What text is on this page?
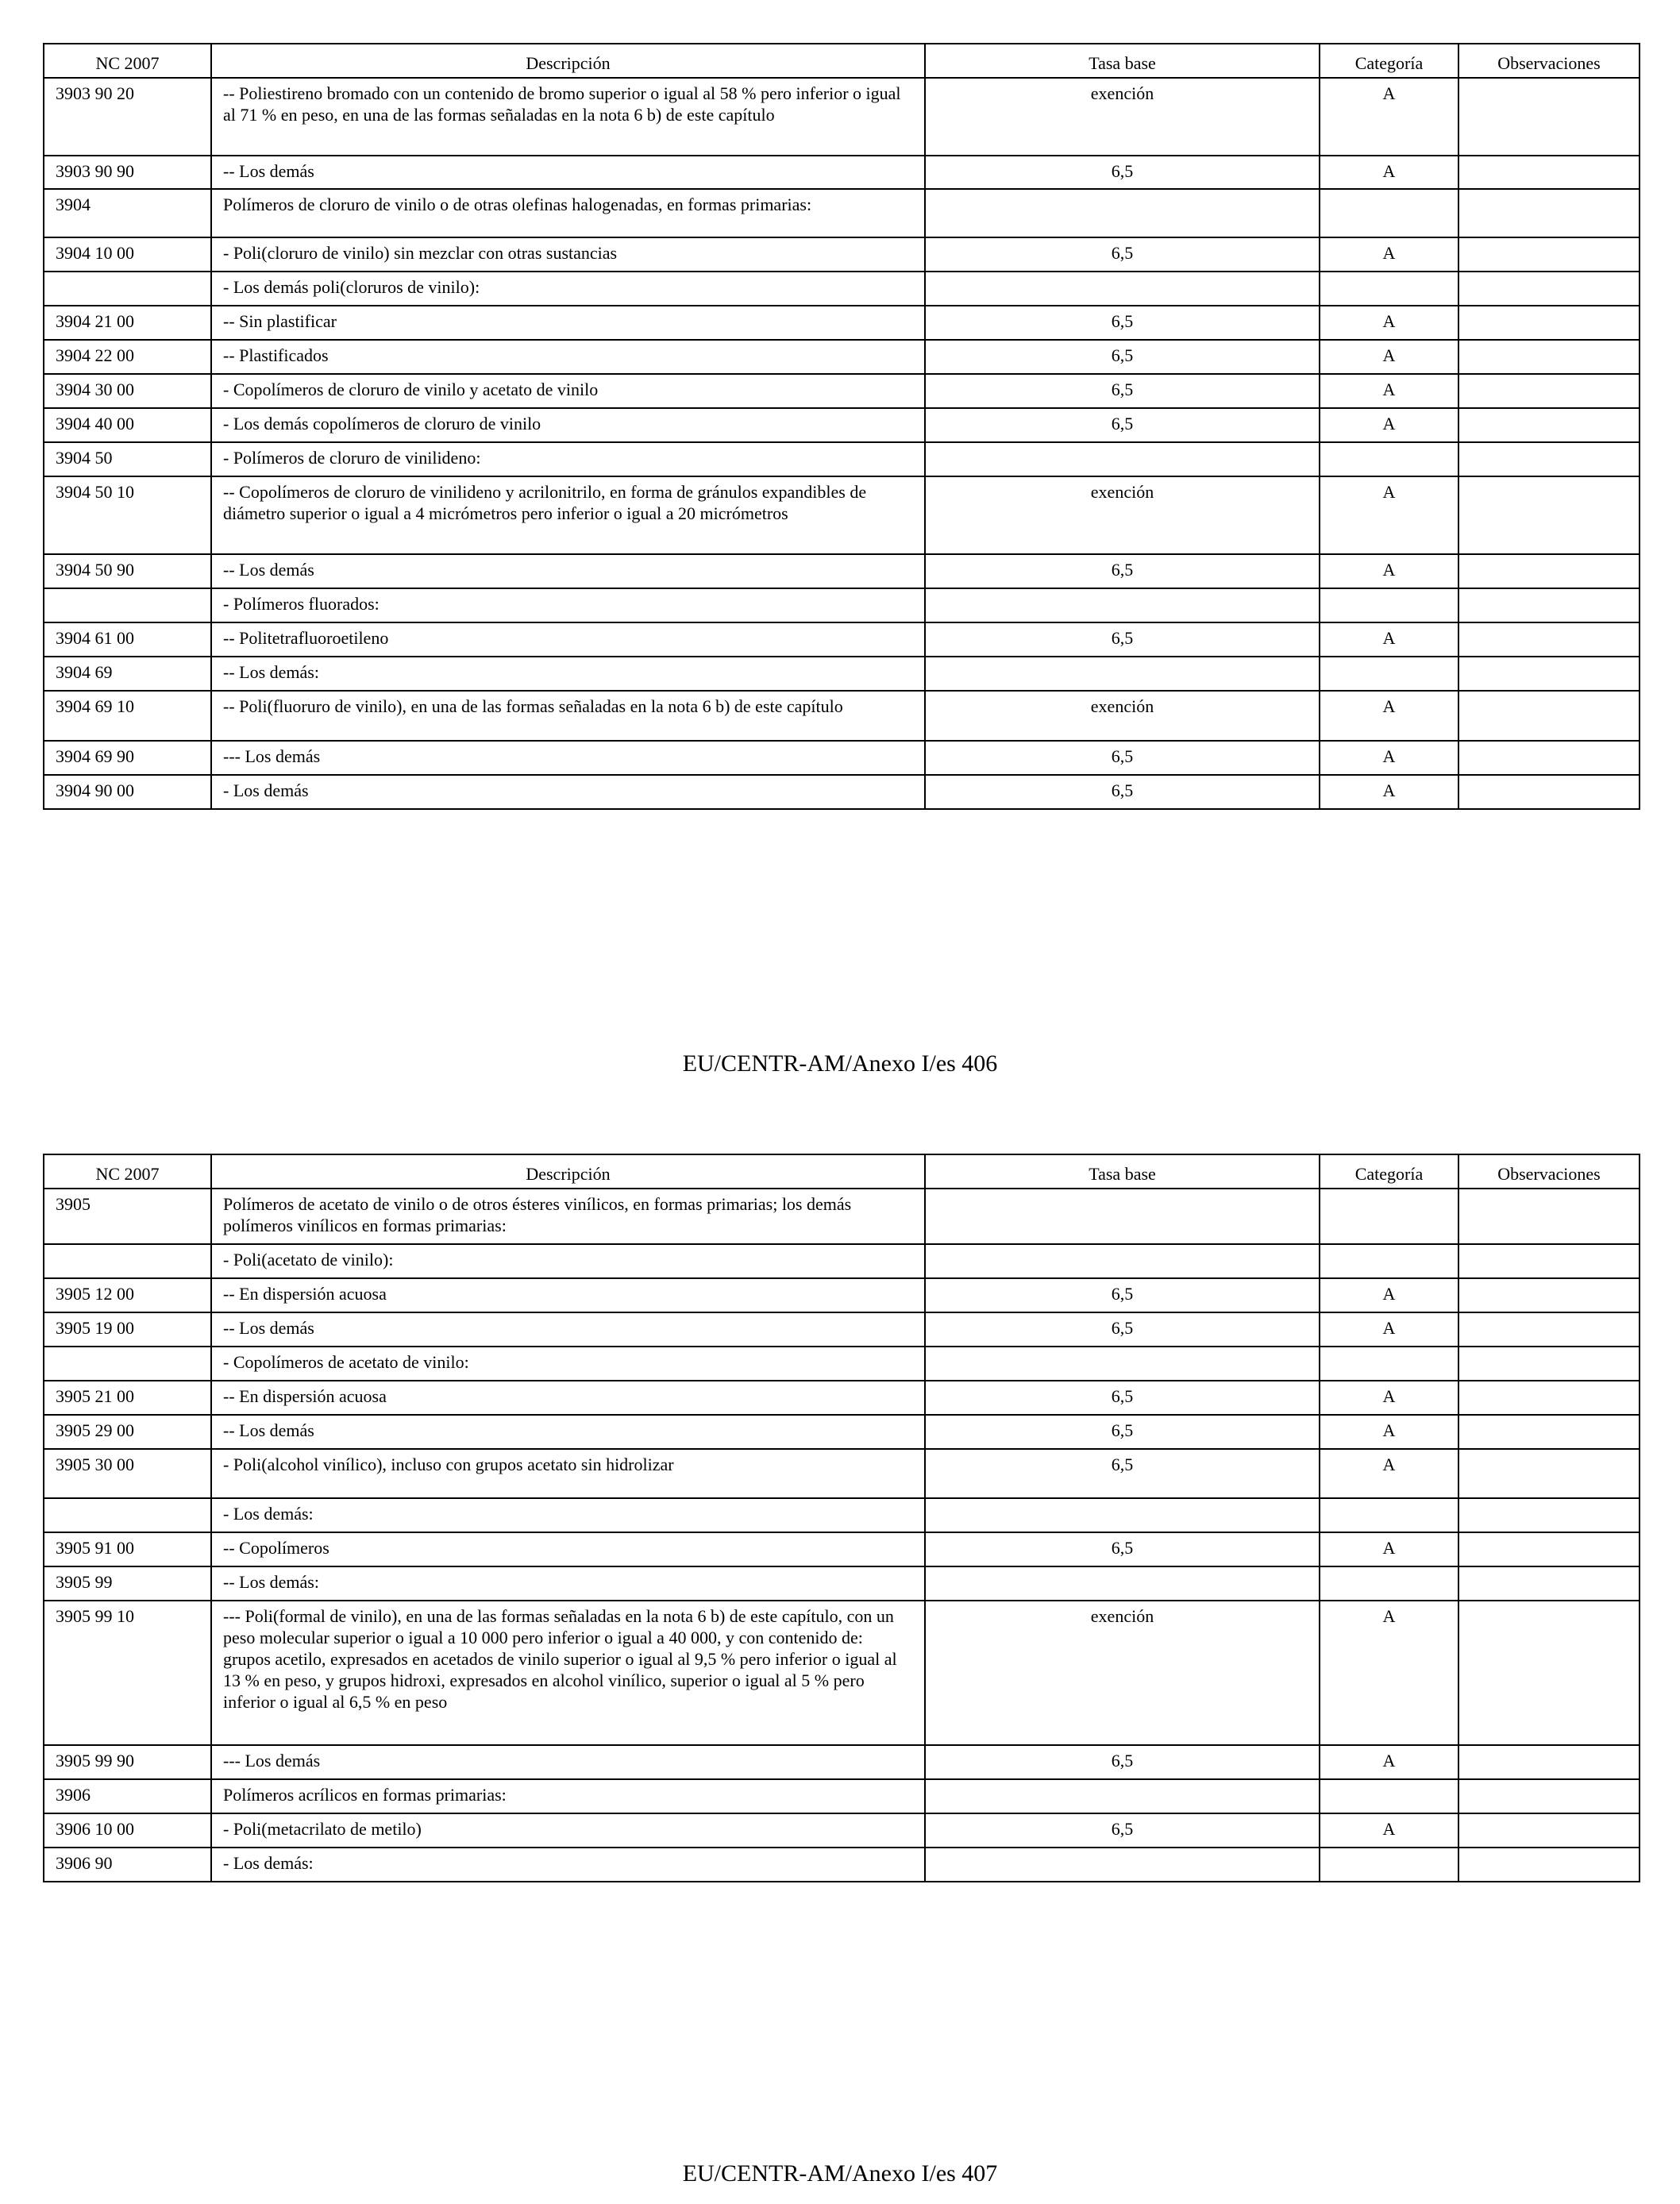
NC 2007	Descripción	Tasa base	Categoría	Observaciones
3903 90 20	-- Poliestireno bromado con un contenido de bromo superior o igual al 58 % pero inferior o igual al 71 % en peso, en una de las formas señaladas en la nota 6 b) de este capítulo	exención	A	
3903 90 90	-- Los demás	6,5	A	
3904	Polímeros de cloruro de vinilo o de otras olefinas halogenadas, en formas primarias:			
3904 10 00	- Poli(cloruro de vinilo) sin mezclar con otras sustancias	6,5	A	
	- Los demás poli(cloruros de vinilo):			
3904 21 00	-- Sin plastificar	6,5	A	
3904 22 00	-- Plastificados	6,5	A	
3904 30 00	- Copolímeros de cloruro de vinilo y acetato de vinilo	6,5	A	
3904 40 00	- Los demás copolímeros de cloruro de vinilo	6,5	A	
3904 50	- Polímeros de cloruro de vinilideno:			
3904 50 10	-- Copolímeros de cloruro de vinilideno y acrilonitrilo, en forma de gránulos expandibles de diámetro superior o igual a 4 micrómetros pero inferior o igual a 20 micrómetros	exención	A	
3904 50 90	-- Los demás	6,5	A	
	- Polímeros fluorados:			
3904 61 00	-- Politetrafluoroetileno	6,5	A	
3904 69	-- Los demás:			
3904 69 10	-- Poli(fluoruro de vinilo), en una de las formas señaladas en la nota 6 b) de este capítulo	exención	A	
3904 69 90	--- Los demás	6,5	A	
3904 90 00	- Los demás	6,5	A	
EU/CENTR-AM/Anexo I/es 406
NC 2007	Descripción	Tasa base	Categoría	Observaciones
3905	Polímeros de acetato de vinilo o de otros ésteres vinílicos, en formas primarias; los demás polímeros vinílicos en formas primarias:			
	- Poli(acetato de vinilo):			
3905 12 00	-- En dispersión acuosa	6,5	A	
3905 19 00	-- Los demás	6,5	A	
	- Copolímeros de acetato de vinilo:			
3905 21 00	-- En dispersión acuosa	6,5	A	
3905 29 00	-- Los demás	6,5	A	
3905 30 00	- Poli(alcohol vinílico), incluso con grupos acetato sin hidrolizar	6,5	A	
	- Los demás:			
3905 91 00	-- Copolímeros	6,5	A	
3905 99	-- Los demás:			
3905 99 10	--- Poli(formal de vinilo), en una de las formas señaladas en la nota 6 b) de este capítulo, con un peso molecular superior o igual a 10 000 pero inferior o igual a 40 000, y con contenido de: grupos acetilo, expresados en acetados de vinilo superior o igual al 9,5 % pero inferior o igual al 13 % en peso, y grupos hidroxi, expresados en alcohol vinílico, superior o igual al 5 % pero inferior o igual al 6,5 % en peso	exención	A	
3905 99 90	--- Los demás	6,5	A	
3906	Polímeros acrílicos en formas primarias:			
3906 10 00	- Poli(metacrilato de metilo)	6,5	A	
3906 90	- Los demás:			
EU/CENTR-AM/Anexo I/es 407
